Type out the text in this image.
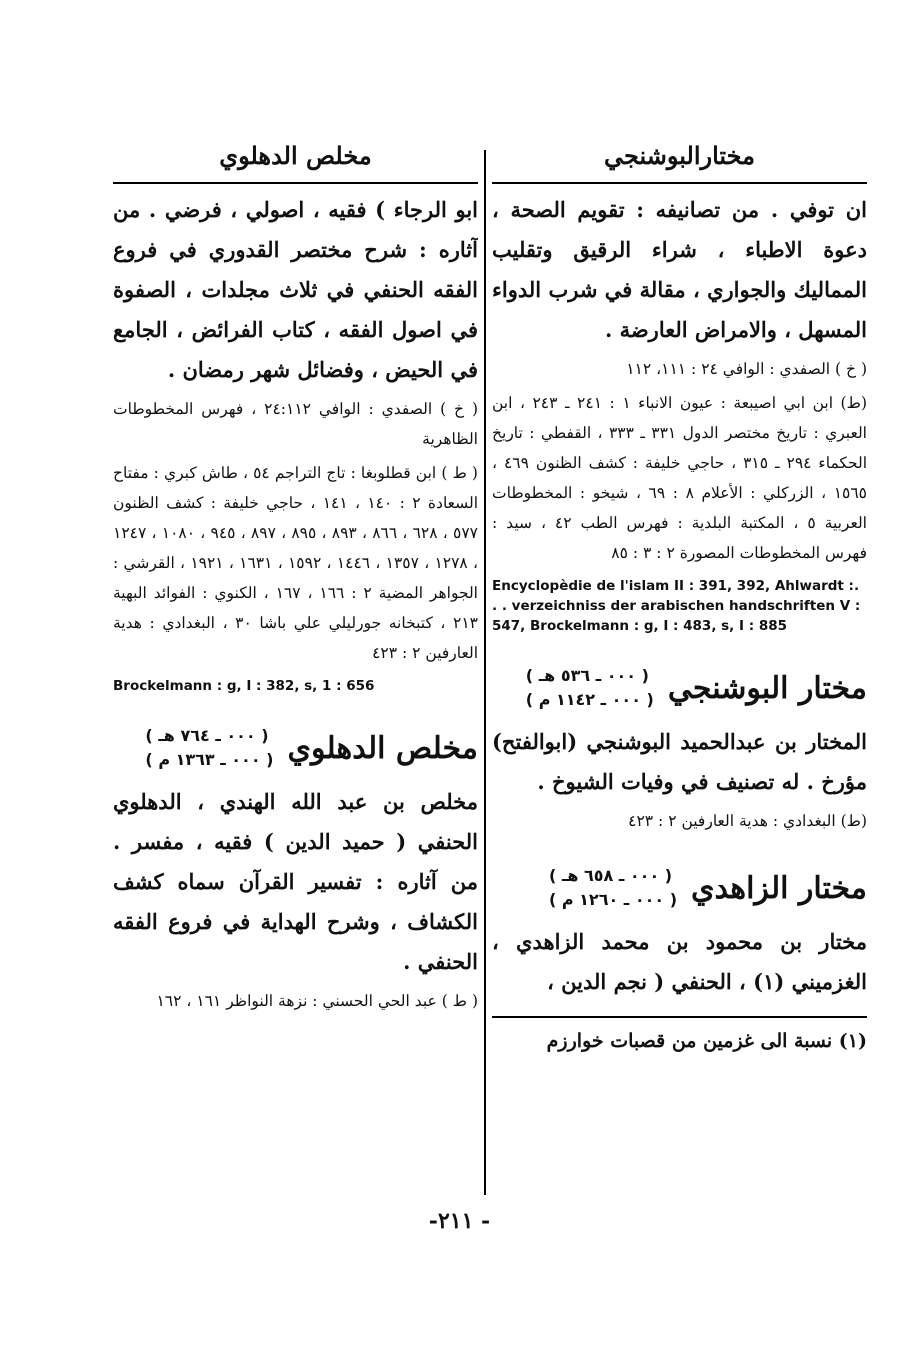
مختارالبوشنجي

ان توفي . من تصانيفه : تقويم الصحة ، دعوة الاطباء ، شراء الرقيق وتقليب المماليك والجواري ، مقالة في شرب الدواء المسهل ، والامراض العارضة .

( خ ) الصفدي : الوافي ٢٤ : ١١١، ١١٢

(ط) ابن ابي اصيبعة : عيون الانباء ١ : ٢٤١ ـ ٢٤٣ ، ابن العبري : تاريخ مختصر الدول ٣٣١ ـ ٣٣٣ ، القفطي : تاريخ الحكماء ٢٩٤ ـ ٣١٥ ، حاجي خليفة : كشف الظنون ٤٦٩ ، ١٥٦٥ ، الزركلي : الأعلام ٨ : ٦٩ ، شيخو : المخطوطات العربية ٥ ، المكتبة البلدية : فهرس الطب ٤٢ ، سيد : فهرس المخطوطات المصورة ٢ : ٣ : ٨٥

Encyclopèdie de l'islam II : 391, 392, Ahlwardt :. . . verzeichniss der arabischen handschriften V : 547, Brockelmann : g, I : 483, s, I : 885

مختار البوشنجي
( ٠٠٠ ـ ٥٣٦ هـ )
( ٠٠٠ ـ ١١٤٢ م )

المختار بن عبدالحميد البوشنجي (ابوالفتح) مؤرخ . له تصنيف في وفيات الشيوخ .

(ط) البغدادي : هدية العارفين ٢ : ٤٢٣

مختار الزاهدي
( ٠٠٠ ـ ٦٥٨ هـ )
( ٠٠٠ ـ ١٢٦٠ م )

مختار بن محمود بن محمد الزاهدي ، الغزميني (١) ، الحنفي ( نجم الدين ،

(١) نسبة الى غزمين من قصبات خوارزم

مخلص الدهلوي

ابو الرجاء ) فقيه ، اصولي ، فرضي . من آثاره : شرح مختصر القدوري في فروع الفقه الحنفي في ثلاث مجلدات ، الصفوة في اصول الفقه ، كتاب الفرائض ، الجامع في الحيض ، وفضائل شهر رمضان .

( خ ) الصفدي : الوافي ٢٤:١١٢ ، فهرس المخطوطات الظاهرية

( ط ) ابن قطلوبغا : تاج التراجم ٥٤ ، طاش كبري : مفتاح السعادة ٢ : ١٤٠ ، ١٤١ ، حاجي خليفة : كشف الظنون ٥٧٧ ، ٦٢٨ ، ٨٦٦ ، ٨٩٣ ، ٨٩٥ ، ٨٩٧ ، ٩٤٥ ، ١٠٨٠ ، ١٢٤٧ ، ١٢٧٨ ، ١٣٥٧ ، ١٤٤٦ ، ١٥٩٢ ، ١٦٣١ ، ١٩٢١ ، القرشي : الجواهر المضية ٢ : ١٦٦ ، ١٦٧ ، الكنوي : الفوائد البهية ٢١٣ ، كتبخانه جورليلي علي باشا ٣٠ ، البغدادي : هدية العارفين ٢ : ٤٢٣

Brockelmann : g, I : 382, s, 1 : 656

مخلص الدهلوي
( ٠٠٠ ـ ٧٦٤ هـ )
( ٠٠٠ ـ ١٣٦٣ م )

مخلص بن عبد الله الهندي ، الدهلوي الحنفي ( حميد الدين ) فقيه ، مفسر . من آثاره : تفسير القرآن سماه كشف الكشاف ، وشرح الهداية في فروع الفقه الحنفي .

( ط ) عبد الحي الحسني : نزهة النواظر ١٦١ ، ١٦٢

-٢١١ -
